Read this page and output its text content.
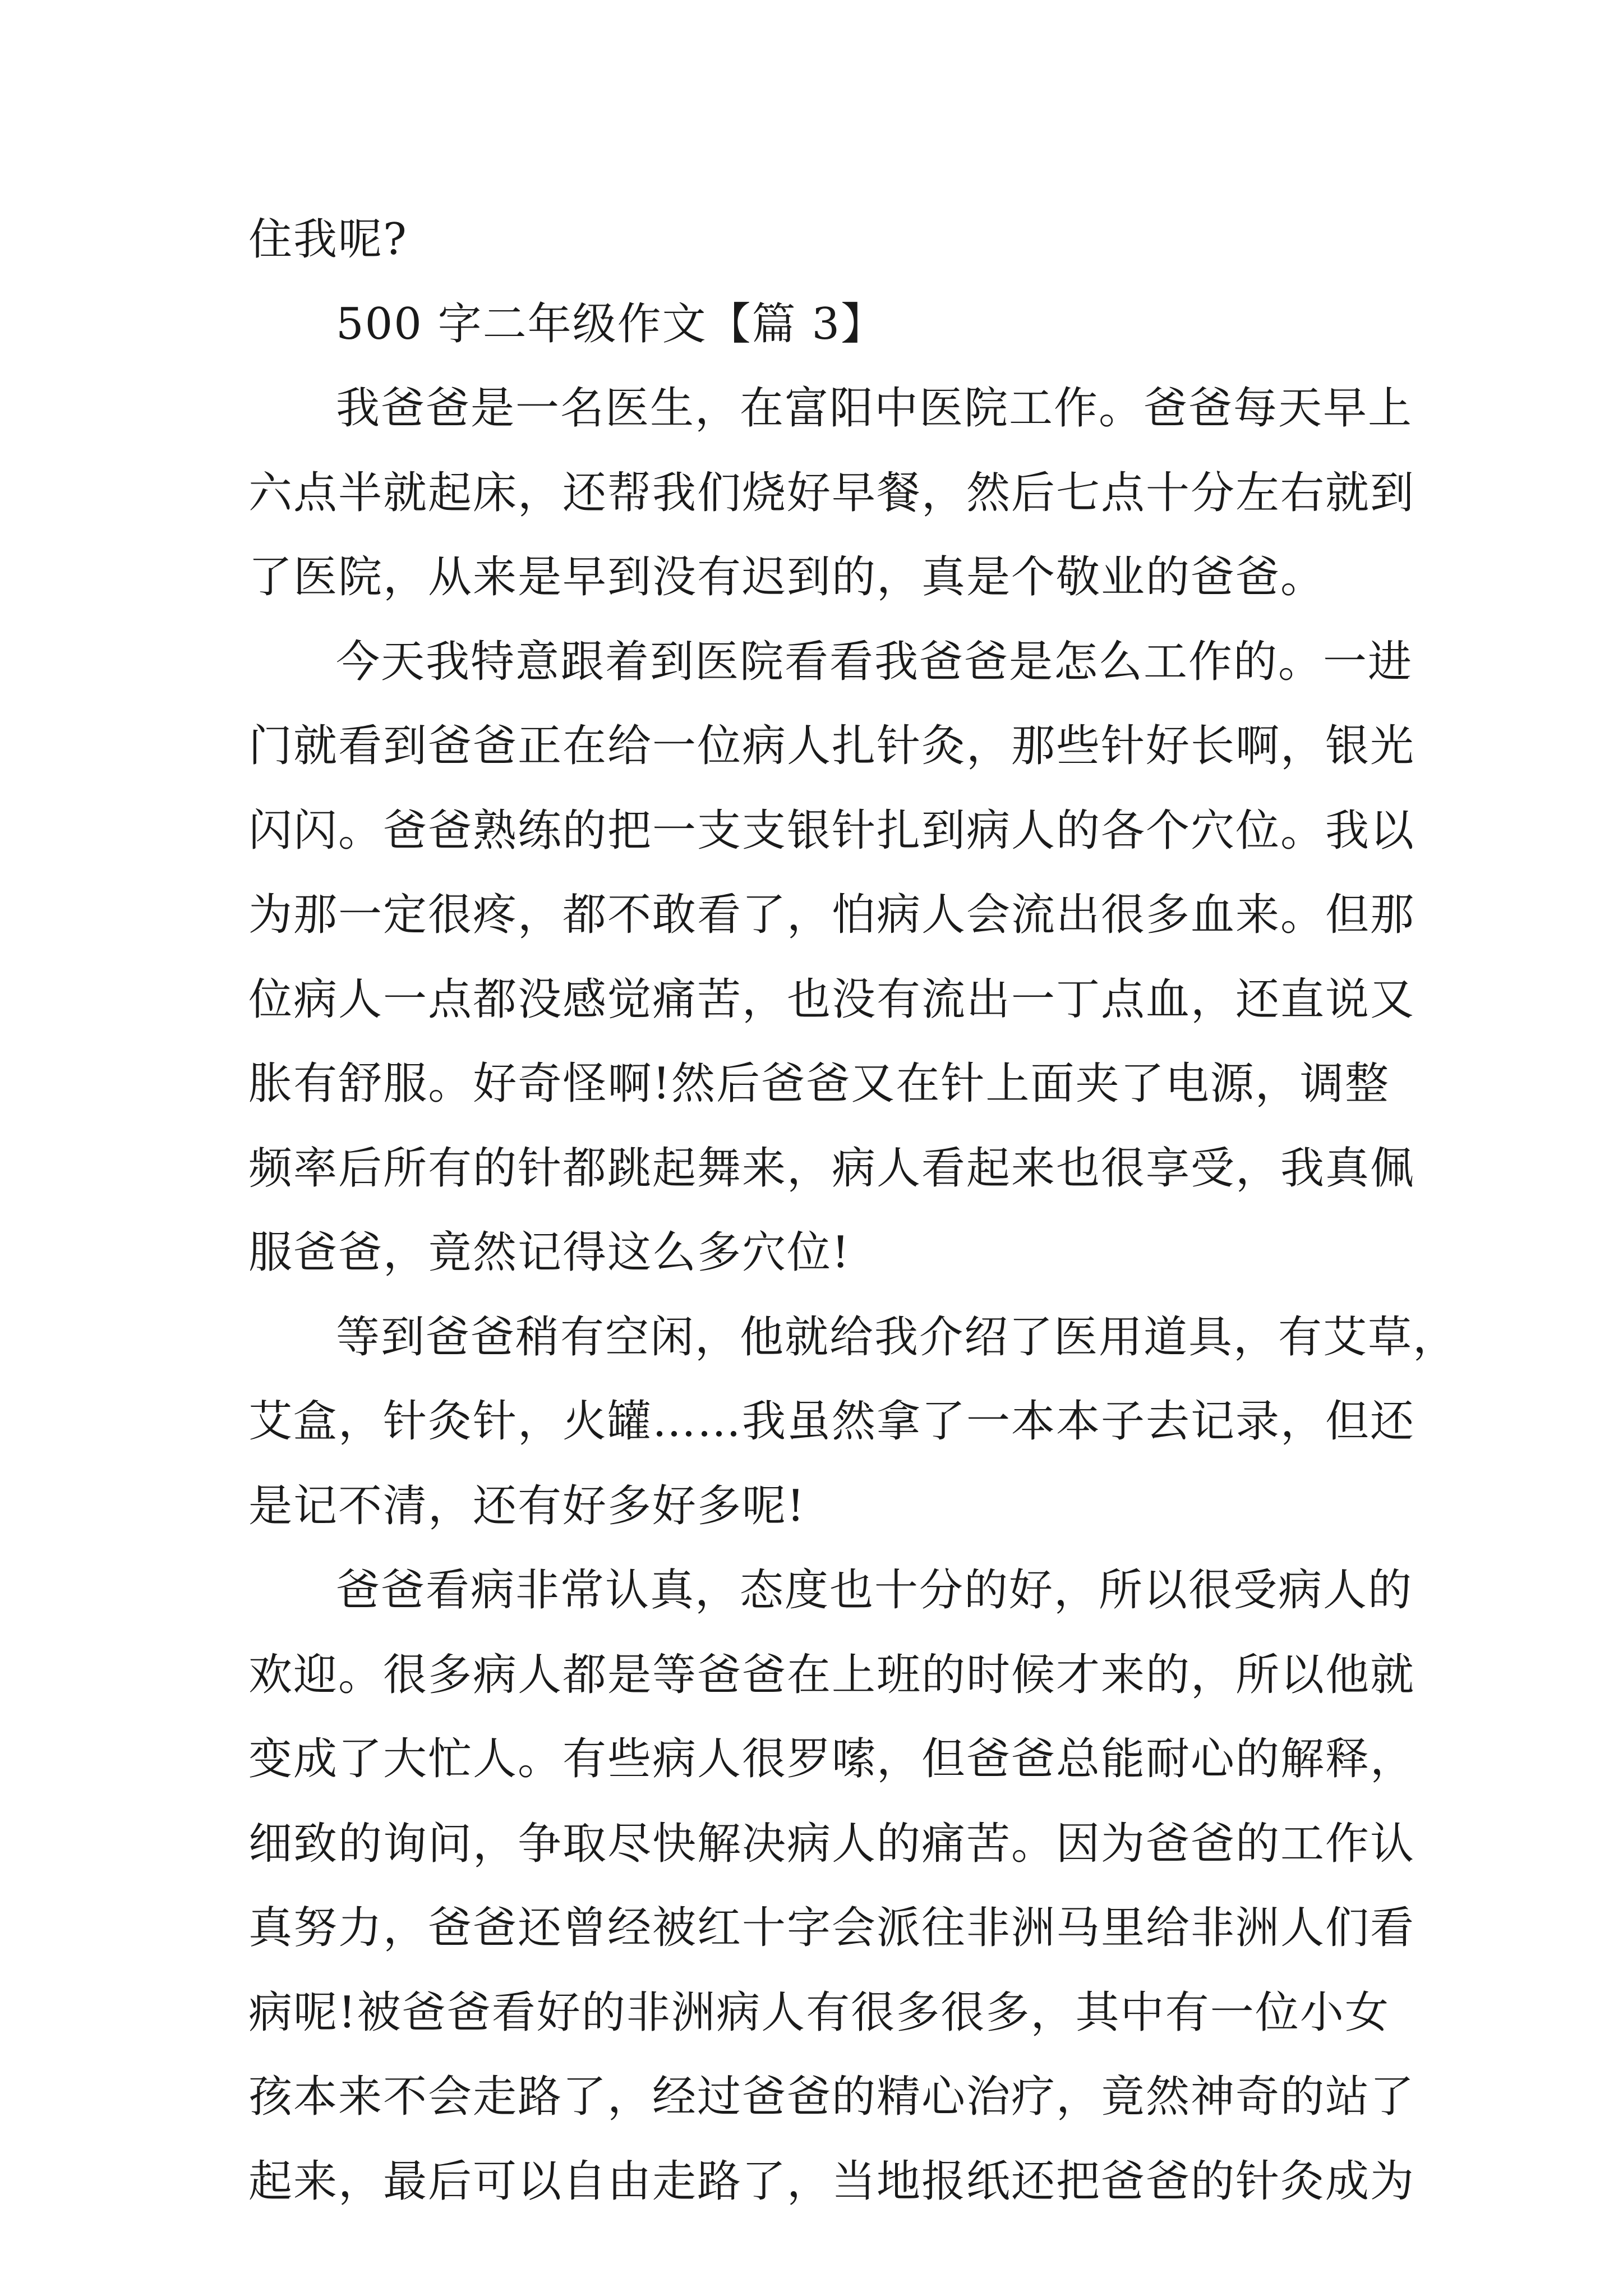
住我呢?
500 字二年级作文【篇 3】
我爸爸是一名医生，在富阳中医院工作。爸爸每天早上
六点半就起床，还帮我们烧好早餐，然后七点十分左右就到
了医院，从来是早到没有迟到的，真是个敬业的爸爸。
今天我特意跟着到医院看看我爸爸是怎么工作的。一进
门就看到爸爸正在给一位病人扎针灸，那些针好长啊，银光
闪闪。爸爸熟练的把一支支银针扎到病人的各个穴位。我以
为那一定很疼，都不敢看了，怕病人会流出很多血来。但那
位病人一点都没感觉痛苦，也没有流出一丁点血，还直说又
胀有舒服。好奇怪啊!然后爸爸又在针上面夹了电源，调整
频率后所有的针都跳起舞来，病人看起来也很享受，我真佩
服爸爸，竟然记得这么多穴位!
等到爸爸稍有空闲，他就给我介绍了医用道具，有艾草，
艾盒，针灸针，火罐……我虽然拿了一本本子去记录，但还
是记不清，还有好多好多呢!
爸爸看病非常认真，态度也十分的好，所以很受病人的
欢迎。很多病人都是等爸爸在上班的时候才来的，所以他就
变成了大忙人。有些病人很罗嗦，但爸爸总能耐心的解释，
细致的询问，争取尽快解决病人的痛苦。因为爸爸的工作认
真努力，爸爸还曾经被红十字会派往非洲马里给非洲人们看
病呢!被爸爸看好的非洲病人有很多很多，其中有一位小女
孩本来不会走路了，经过爸爸的精心治疗，竟然神奇的站了
起来，最后可以自由走路了，当地报纸还把爸爸的针灸成为
